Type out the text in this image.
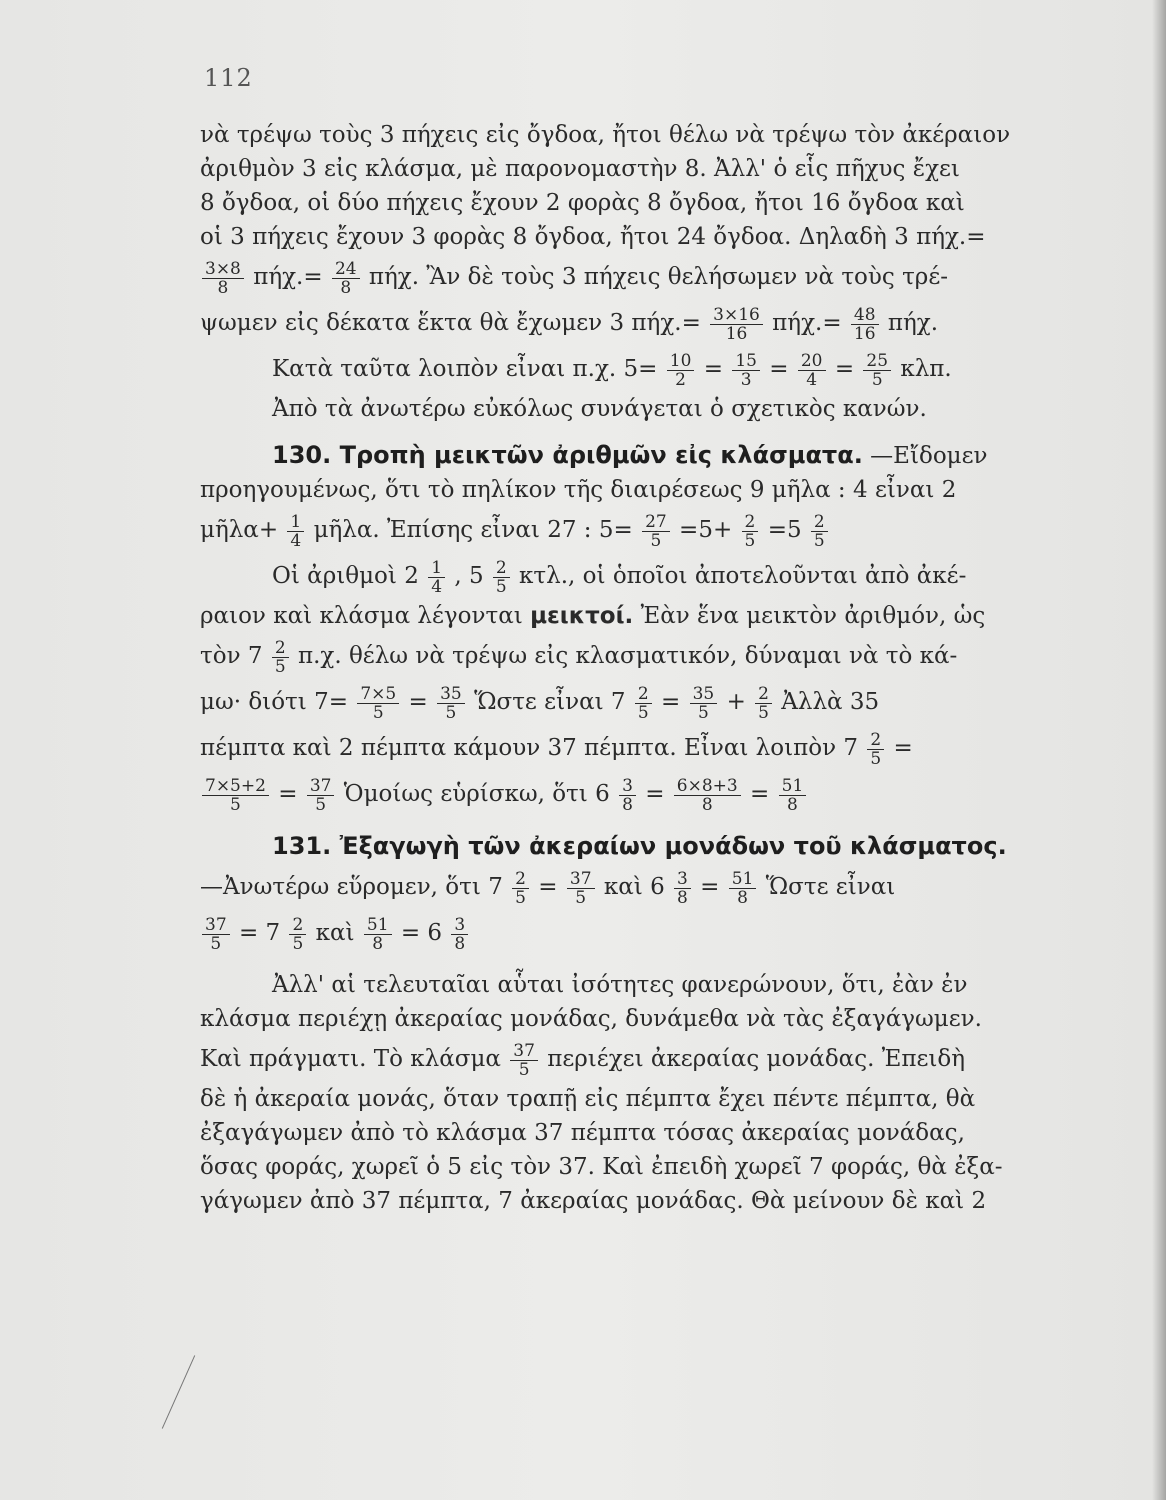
112
νὰ τρέψω τοὺς 3 πήχεις εἰς ὄγδοα, ἤτοι θέλω νὰ τρέψω τὸν ἀκέραιον
ἀριθμὸν 3 εἰς κλάσμα, μὲ παρονομαστὴν 8. Ἀλλ' ὁ εἷς πῆχυς ἔχει
8 ὄγδοα, οἱ δύο πήχεις ἔχουν 2 φορὰς 8 ὄγδοα, ἤτοι 16 ὄγδοα καὶ
οἱ 3 πήχεις ἔχουν 3 φορὰς 8 ὄγδοα, ἤτοι 24 ὄγδοα. Δηλαδὴ 3 πήχ.=
$\frac{3\times 8}{8} \pi ή\chi.= \frac{24}{8} \pi ή\chi$. Ἂν δὲ τοὺς 3 πήχεις θελήσωμεν νὰ τοὺς τρέ-
ψωμεν εἰς δέκατα ἕκτα θὰ ἔχωμεν 3 $\pi ή\chi.= \frac{3\times 16}{16} \pi ή\chi.= \frac{48}{16} \pi ή\chi$.
Κατὰ ταῦτα λοιπὸν εἶναι π.χ. $5= \frac{10}{2} = \frac{15}{3} = \frac{20}{4} = \frac{25}{5} \kappa\lambda\pi$.
Ἀπὸ τὰ ἀνωτέρω εὐκόλως συνάγεται ὁ σχετικὸς κανών.
130. Τροπὴ μεικτῶν ἀριθμῶν εἰς κλάσματα. —Εἴδομεν
προηγουμένως, ὅτι τὸ πηλίκον τῆς διαιρέσεως 9 μῆλα : 4 εἶναι 2
μῆλα+ $\frac{1}{4}$ μῆλα. Ἐπίσης εἶναι 27 : $5= \frac{27}{5} =5+ \frac{2}{5} =5 \frac{2}{5}$
Οἱ ἀριθμοὶ $2 \frac{1}{4}$ , $5 \frac{2}{5} \kappa\tau\lambda$., οἱ ὁποῖοι ἀποτελοῦνται ἀπὸ ἀκέ-
ραιον καὶ κλάσμα λέγονται μεικτοί. Ἐὰν ἕνα μεικτὸν ἀριθμόν, ὡς
τὸν $7 \frac{2}{5} \pi.\chi$. θέλω νὰ τρέψω εἰς κλασματικόν, δύναμαι νὰ τὸ κά-
μω· διότι $7= \frac{7\times 5}{5} = \frac{35}{5}$ Ὥστε εἶναι $7 \frac{2}{5} = \frac{35}{5} + \frac{2}{5}$ Ἀλλὰ 35
πέμπτα καὶ 2 πέμπτα κάμουν 37 πέμπτα. Εἶναι λοιπὸν $7 \frac{2}{5}$ =
$\frac{7\times 5+2}{5} = \frac{37}{5}$ Ὁμοίως εὑρίσκω, ὅτι $6 \frac{3}{8} = \frac{6\times 8+3}{8} = \frac{51}{8}$
131. Ἐξαγωγὴ τῶν ἀκεραίων μονάδων τοῦ κλάσματος.
—Ἀνωτέρω εὕρομεν, ὅτι $7 \frac{2}{5} = \frac{37}{5}$ καὶ $6 \frac{3}{8} = \frac{51}{8}$ Ὥστε εἶναι
$\frac{37}{5} = 7 \frac{2}{5}$ καὶ $\frac{51}{8} = 6 \frac{3}{8}$
Ἀλλ' αἱ τελευταῖαι αὗται ἰσότητες φανερώνουν, ὅτι, ἐὰν ἐν
κλάσμα περιέχῃ ἀκεραίας μονάδας, δυνάμεθα νὰ τὰς ἐξαγάγωμεν.
Καὶ πράγματι. Τὸ κλάσμα $\frac{37}{5}$ περιέχει ἀκεραίας μονάδας. Ἐπειδὴ
δὲ ἡ ἀκεραία μονάς, ὅταν τραπῇ εἰς πέμπτα ἔχει πέντε πέμπτα, θὰ
ἐξαγάγωμεν ἀπὸ τὸ κλάσμα 37 πέμπτα τόσας ἀκεραίας μονάδας,
ὅσας φοράς, χωρεῖ ὁ 5 εἰς τὸν 37. Καὶ ἐπειδὴ χωρεῖ 7 φοράς, θὰ ἐξα-
γάγωμεν ἀπὸ 37 πέμπτα, 7 ἀκεραίας μονάδας. Θὰ μείνουν δὲ καὶ 2
